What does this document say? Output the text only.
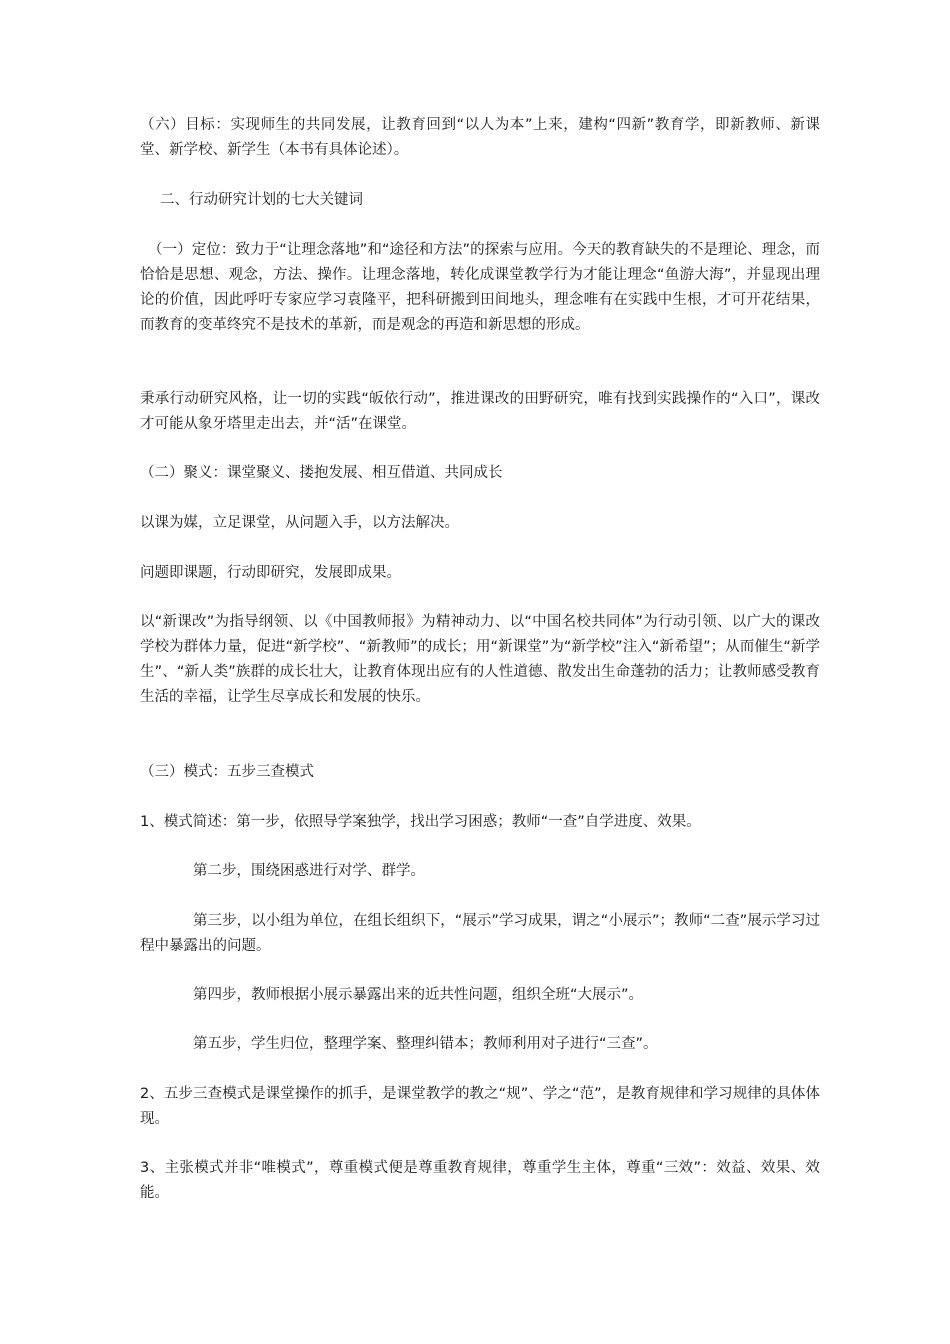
（六）目标：实现师生的共同发展，让教育回到“以人为本”上来，建构“四新”教育学，即新教师、新课堂、新学校、新学生（本书有具体论述）。

二、行动研究计划的七大关键词

（一）定位：致力于“让理念落地”和“途径和方法”的探索与应用。今天的教育缺失的不是理论、理念，而恰恰是思想、观念，方法、操作。让理念落地，转化成课堂教学行为才能让理念“鱼游大海”，并显现出理论的价值，因此呼吁专家应学习袁隆平，把科研搬到田间地头，理念唯有在实践中生根，才可开花结果，而教育的变革终究不是技术的革新，而是观念的再造和新思想的形成。

秉承行动研究风格，让一切的实践“皈依行动”，推进课改的田野研究，唯有找到实践操作的“入口”，课改才可能从象牙塔里走出去，并“活”在课堂。

（二）聚义：课堂聚义、搂抱发展、相互借道、共同成长

以课为媒，立足课堂，从问题入手，以方法解决。

问题即课题，行动即研究，发展即成果。

以“新课改”为指导纲领、以《中国教师报》为精神动力、以“中国名校共同体”为行动引领、以广大的课改学校为群体力量，促进“新学校”、“新教师”的成长；用“新课堂”为“新学校”注入“新希望”；从而催生“新学生”、“新人类”族群的成长壮大，让教育体现出应有的人性道德、散发出生命蓬勃的活力；让教师感受教育生活的幸福，让学生尽享成长和发展的快乐。

（三）模式：五步三查模式

1、模式简述：第一步，依照导学案独学，找出学习困惑；教师“一查”自学进度、效果。

第二步，围绕困惑进行对学、群学。

第三步，以小组为单位，在组长组织下，“展示”学习成果，谓之“小展示”；教师“二查”展示学习过程中暴露出的问题。

第四步，教师根据小展示暴露出来的近共性问题，组织全班“大展示”。

第五步，学生归位，整理学案、整理纠错本；教师利用对子进行“三查”。

2、五步三查模式是课堂操作的抓手，是课堂教学的教之“规”、学之“范”，是教育规律和学习规律的具体体现。

3、主张模式并非“唯模式”，尊重模式便是尊重教育规律，尊重学生主体，尊重“三效”：效益、效果、效能。
